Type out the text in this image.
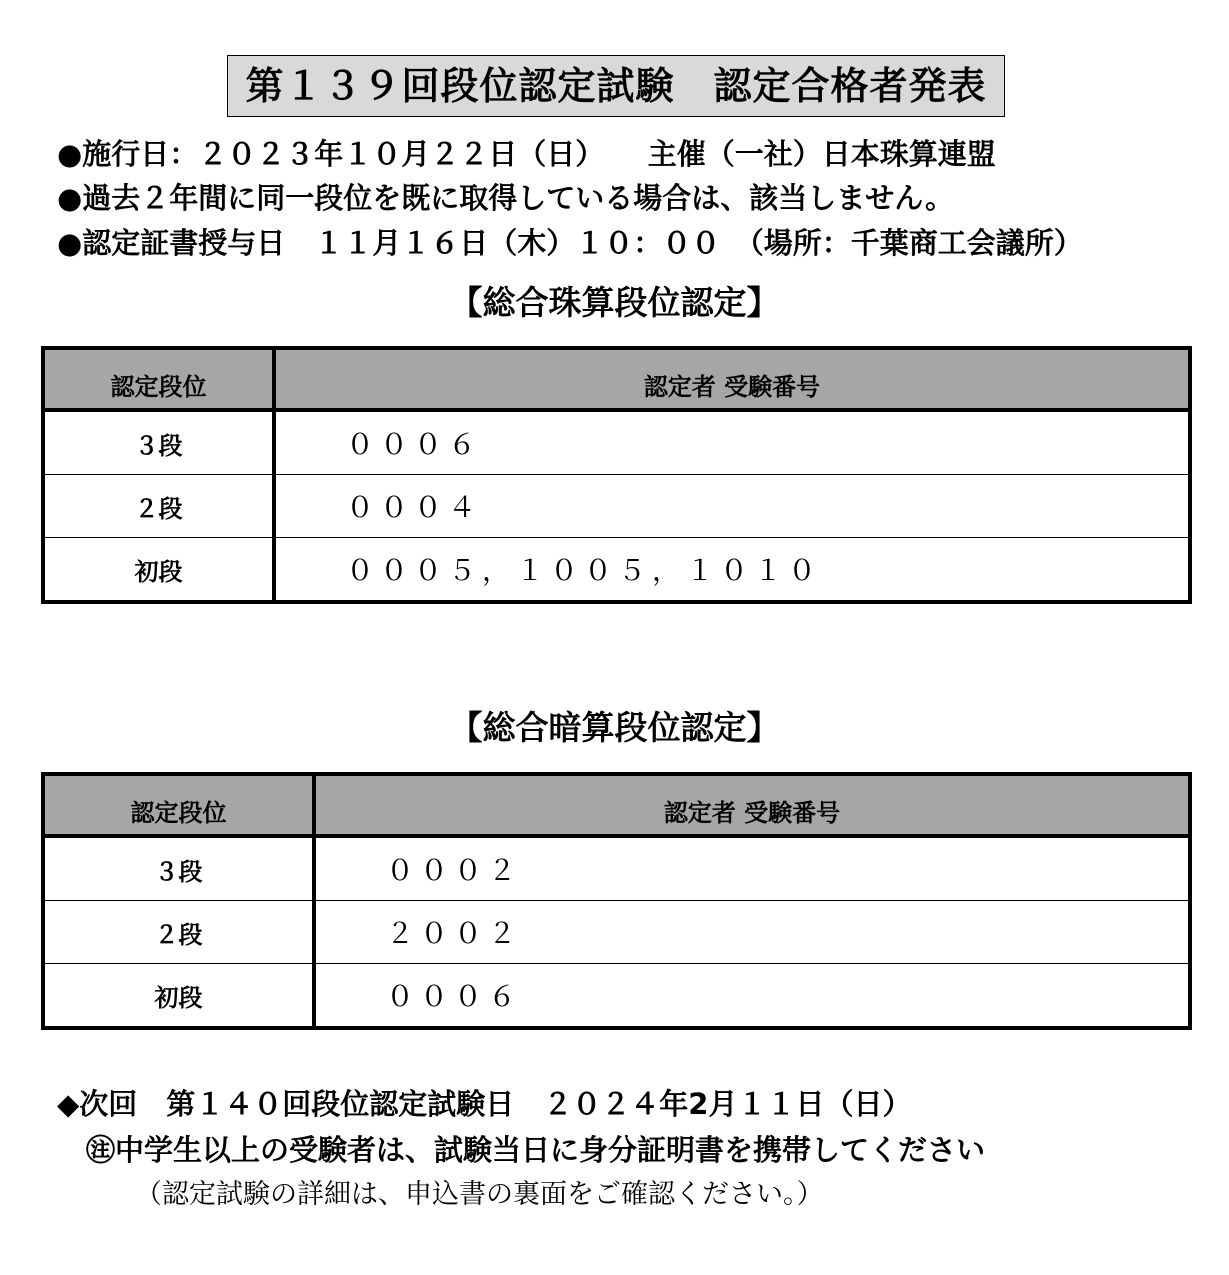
第１３９回段位認定試験　認定合格者発表
●施行日：２０２３年１０月２２日（日）　　主催（一社）日本珠算連盟
●過去２年間に同一段位を既に取得している場合は、該当しません。
●認定証書授与日　１１月１６日（木）１０：００　（場所：千葉商工会議所）
【総合珠算段位認定】
認定段位	認定者 受験番号
３段	０００６
２段	０００４
初段	０００５，１００５，１０１０
【総合暗算段位認定】
認定段位	認定者 受験番号
３段	０００２
２段	２００２
初段	０００６
◆次回　第１４０回段位認定試験日　２０２４年2月１１日（日）
㊟中学生以上の受験者は、試験当日に身分証明書を携帯してください
（認定試験の詳細は、申込書の裏面をご確認ください。）
